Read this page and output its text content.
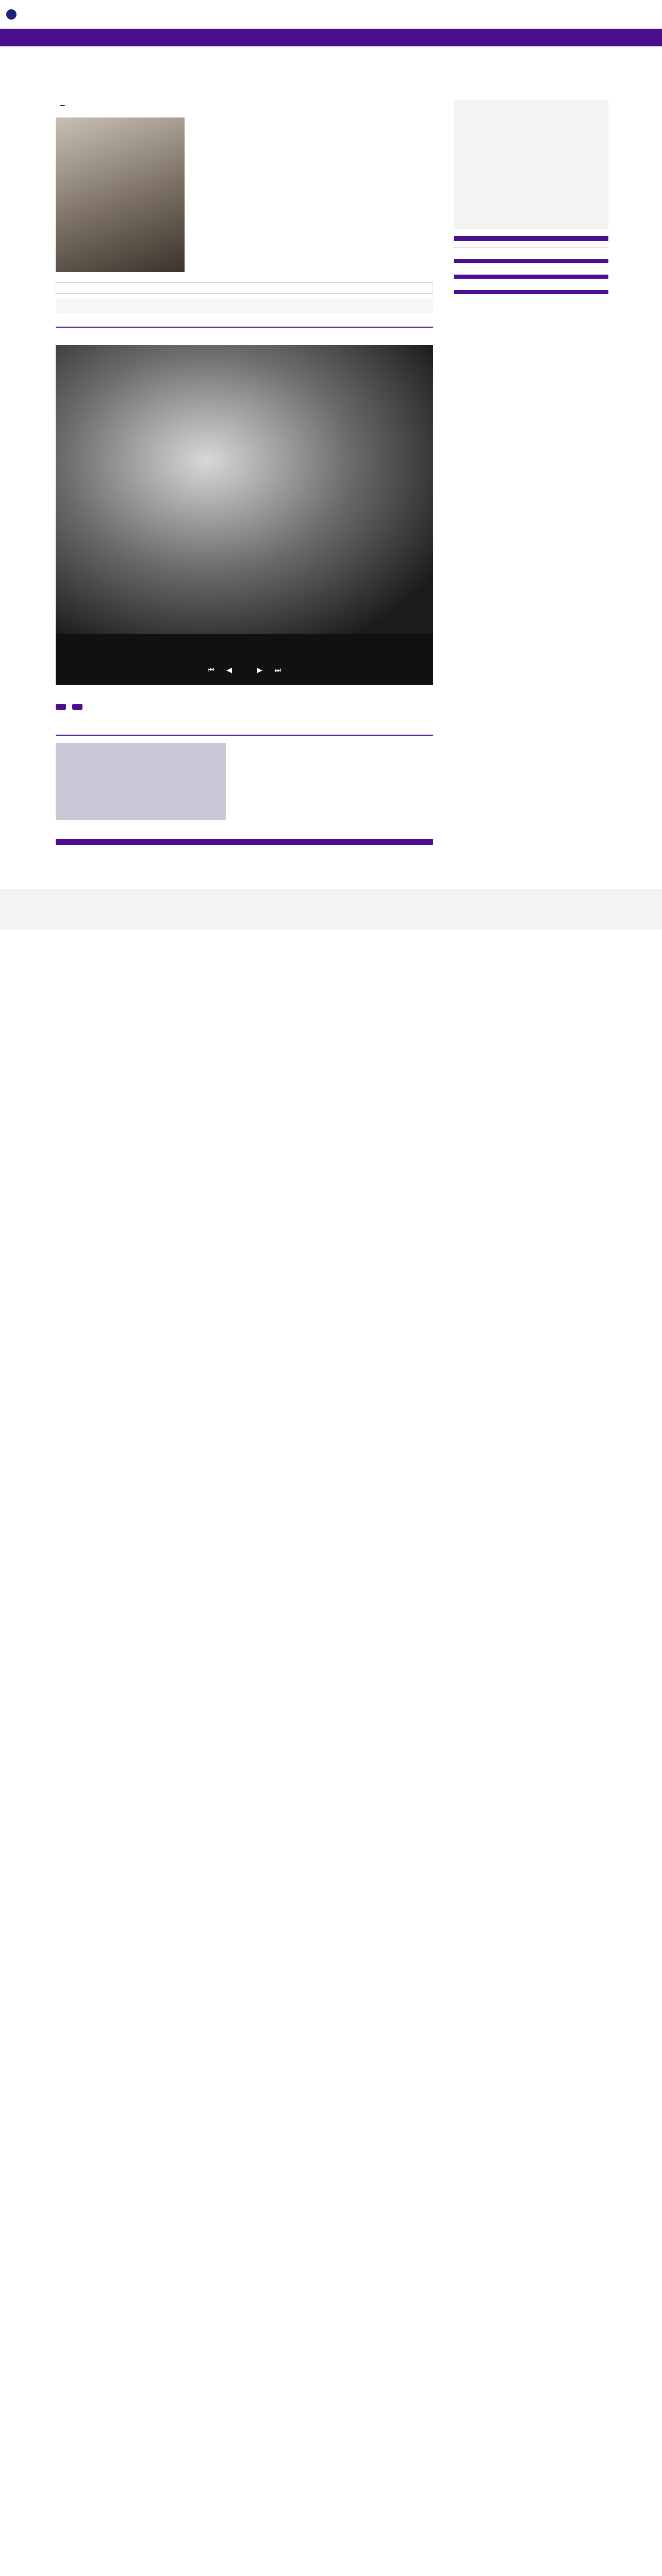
⏮ ◀	▶ ⏭
